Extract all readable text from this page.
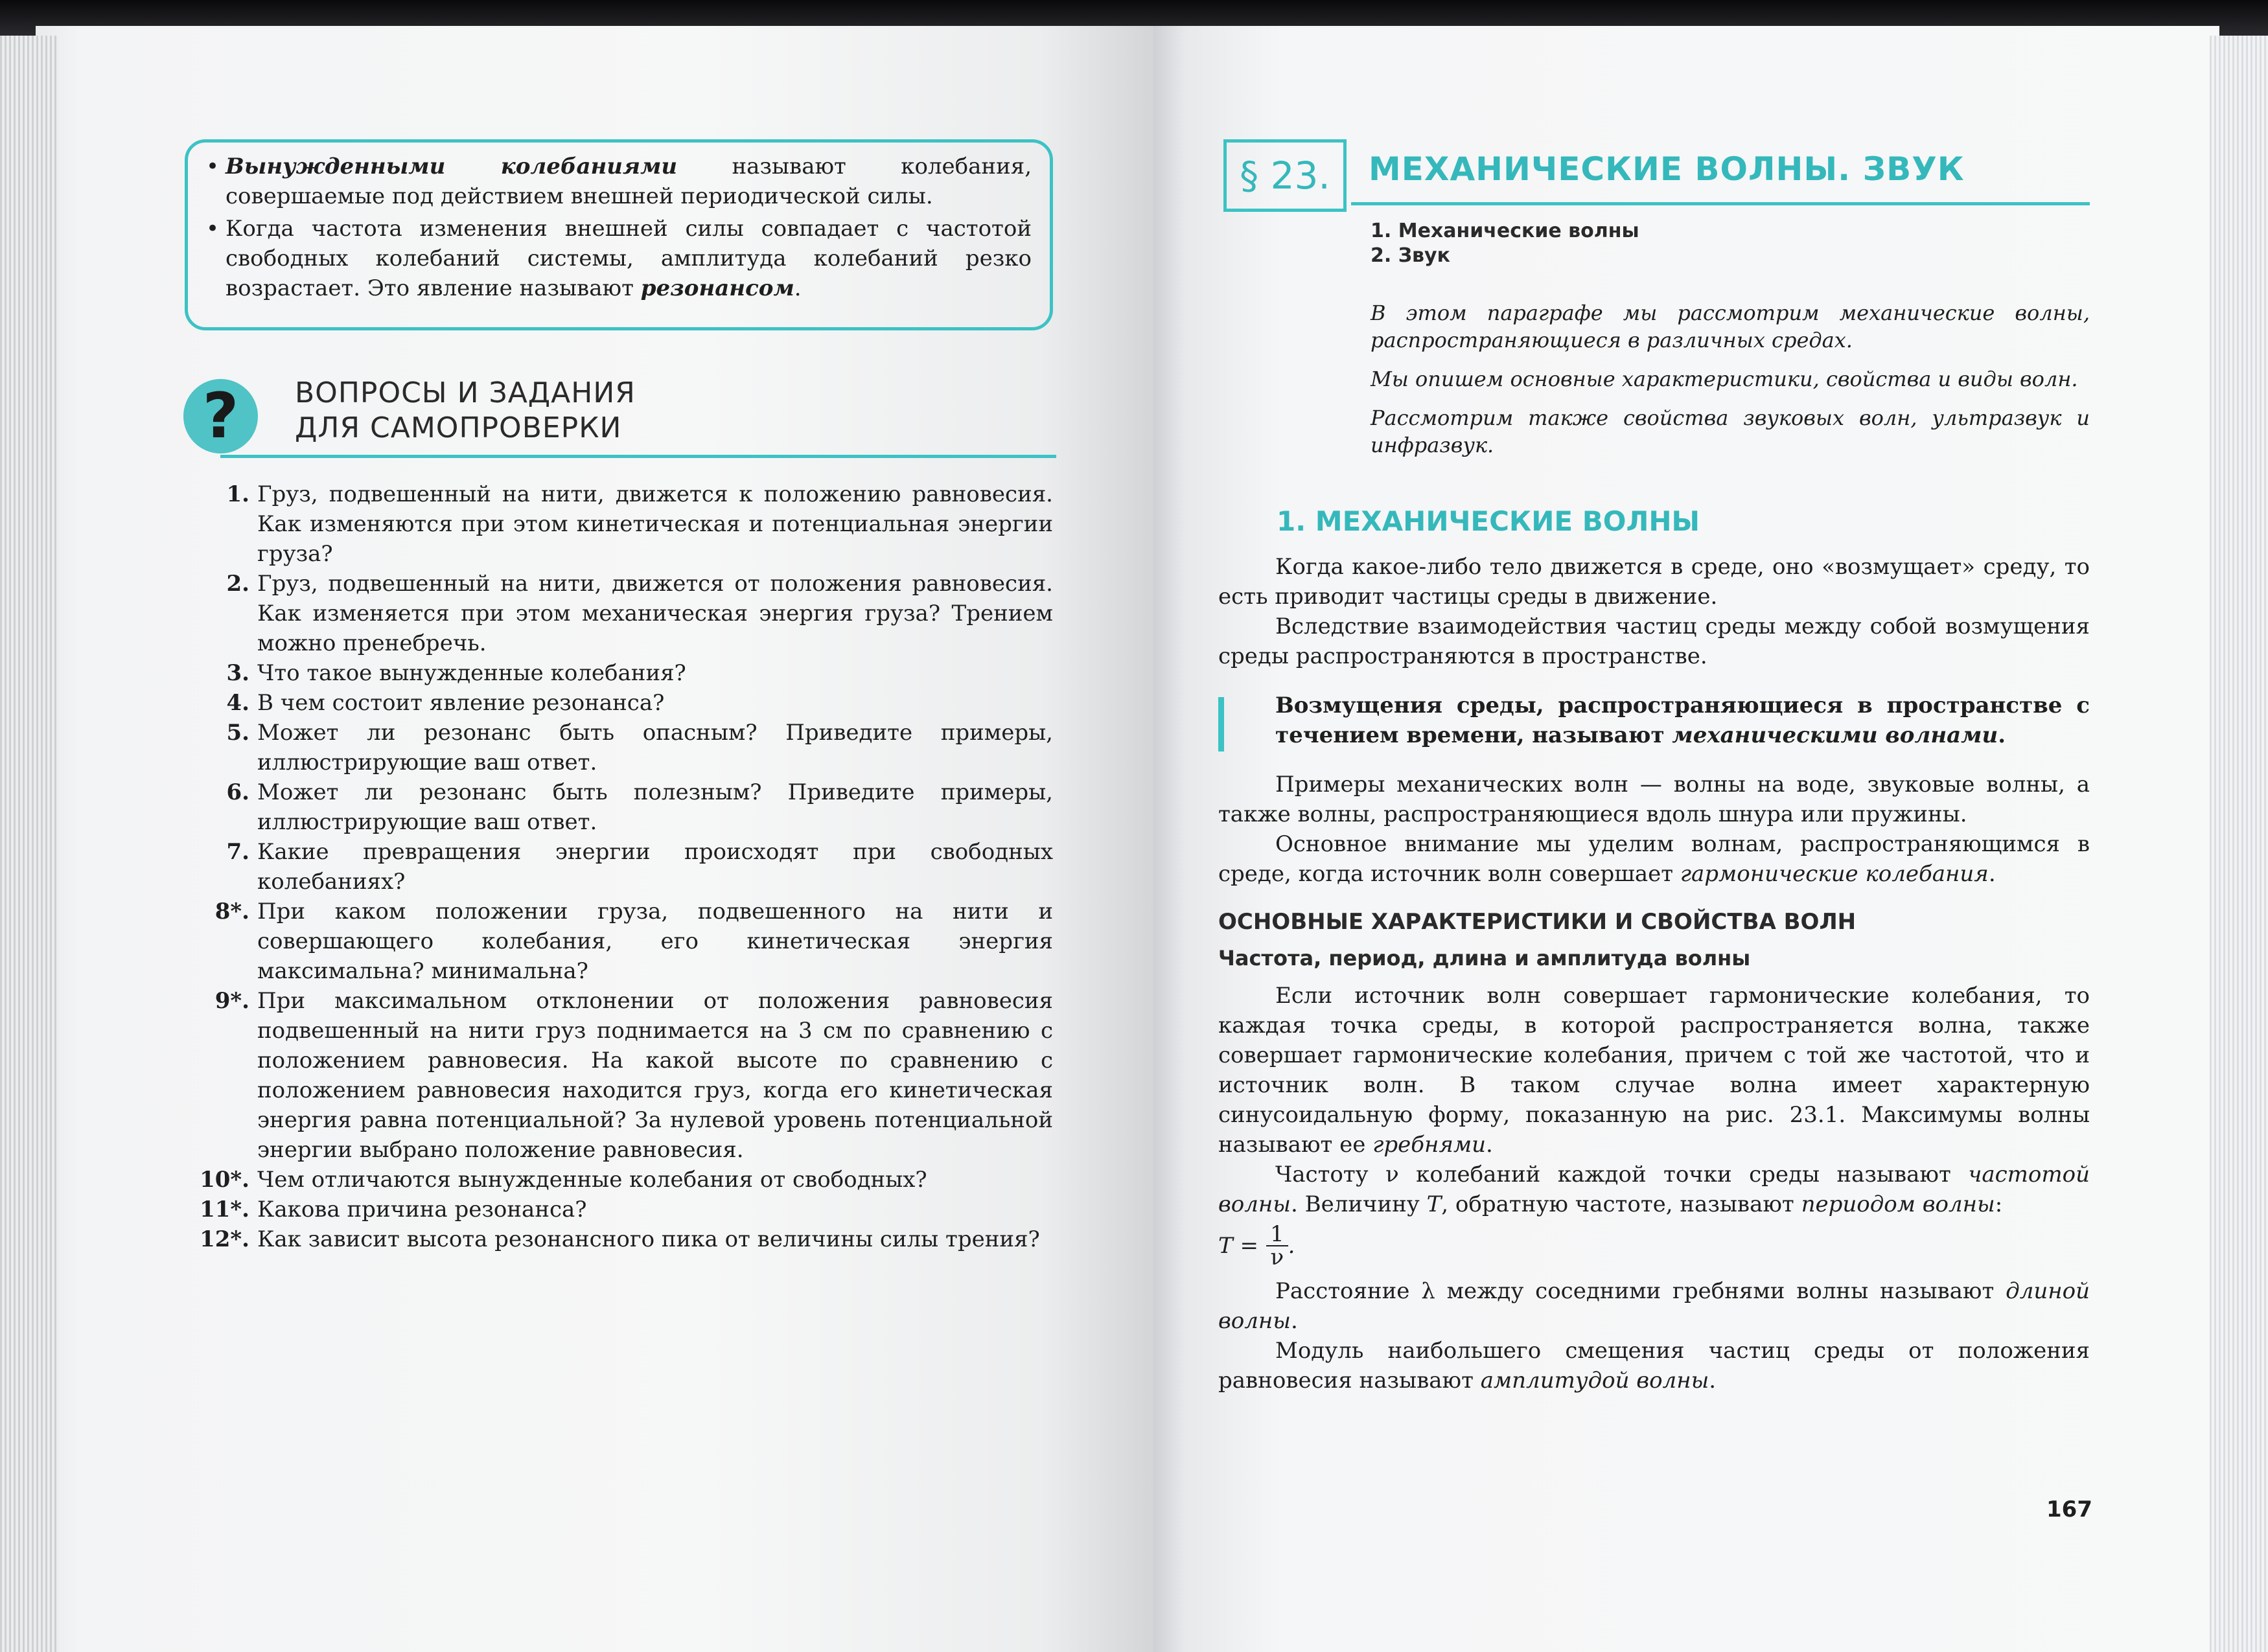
• Вынужденными колебаниями называют колебания, совершаемые под действием внешней периодической силы.
• Когда частота изменения внешней силы совпадает с частотой свободных колебаний системы, амплитуда колебаний резко возрастает. Это явление называют резонансом.
?	ВОПРОСЫ И ЗАДАНИЯ
ДЛЯ САМОПРОВЕРКИ
1. Груз, подвешенный на нити, движется к положению равновесия. Как изменяются при этом кинетическая и потенциальная энергии груза?
2. Груз, подвешенный на нити, движется от положения равновесия. Как изменяется при этом механическая энергия груза? Трением можно пренебречь.
3. Что такое вынужденные колебания?
4. В чем состоит явление резонанса?
5. Может ли резонанс быть опасным? Приведите примеры, иллюстрирующие ваш ответ.
6. Может ли резонанс быть полезным? Приведите примеры, иллюстрирующие ваш ответ.
7. Какие превращения энергии происходят при свободных колебаниях?
8*. При каком положении груза, подвешенного на нити и совершающего колебания, его кинетическая энергия максимальна? минимальна?
9*. При максимальном отклонении от положения равновесия подвешенный на нити груз поднимается на 3 см по сравнению с положением равновесия. На какой высоте по сравнению с положением равновесия находится груз, когда его кинетическая энергия равна потенциальной? За нулевой уровень потенциальной энергии выбрано положение равновесия.
10*. Чем отличаются вынужденные колебания от свободных?
11*. Какова причина резонанса?
12*. Как зависит высота резонансного пика от величины силы трения?
§ 23.	МЕХАНИЧЕСКИЕ ВОЛНЫ. ЗВУК
1. Механические волны
2. Звук

В этом параграфе мы рассмотрим механические волны, распространяющиеся в различных средах.

Мы опишем основные характеристики, свойства и виды волн.

Рассмотрим также свойства звуковых волн, ультразвук и инфразвук.

1. МЕХАНИЧЕСКИЕ ВОЛНЫ

Когда какое-либо тело движется в среде, оно «возмущает» среду, то есть приводит частицы среды в движение.

Вследствие взаимодействия частиц среды между собой возмущения среды распространяются в пространстве.

Возмущения среды, распространяющиеся в пространстве с течением времени, называют механическими волнами.

Примеры механических волн — волны на воде, звуковые волны, а также волны, распространяющиеся вдоль шнура или пружины.

Основное внимание мы уделим волнам, распространяющимся в среде, когда источник волн совершает гармонические колебания.

ОСНОВНЫЕ ХАРАКТЕРИСТИКИ И СВОЙСТВА ВОЛН
Частота, период, длина и амплитуда волны

Если источник волн совершает гармонические колебания, то каждая точка среды, в которой распространяется волна, также совершает гармонические колебания, причем с той же частотой, что и источник волн. В таком случае волна имеет характерную синусоидальную форму, показанную на рис. 23.1. Максимумы волны называют ее гребнями.

Частоту ν колебаний каждой точки среды называют частотой волны. Величину T, обратную частоте, называют периодом волны:

$T = \frac{1}{\nu}$ .

Расстояние λ между соседними гребнями волны называют длиной волны.

Модуль наибольшего смещения частиц среды от положения равновесия называют амплитудой волны.

167
